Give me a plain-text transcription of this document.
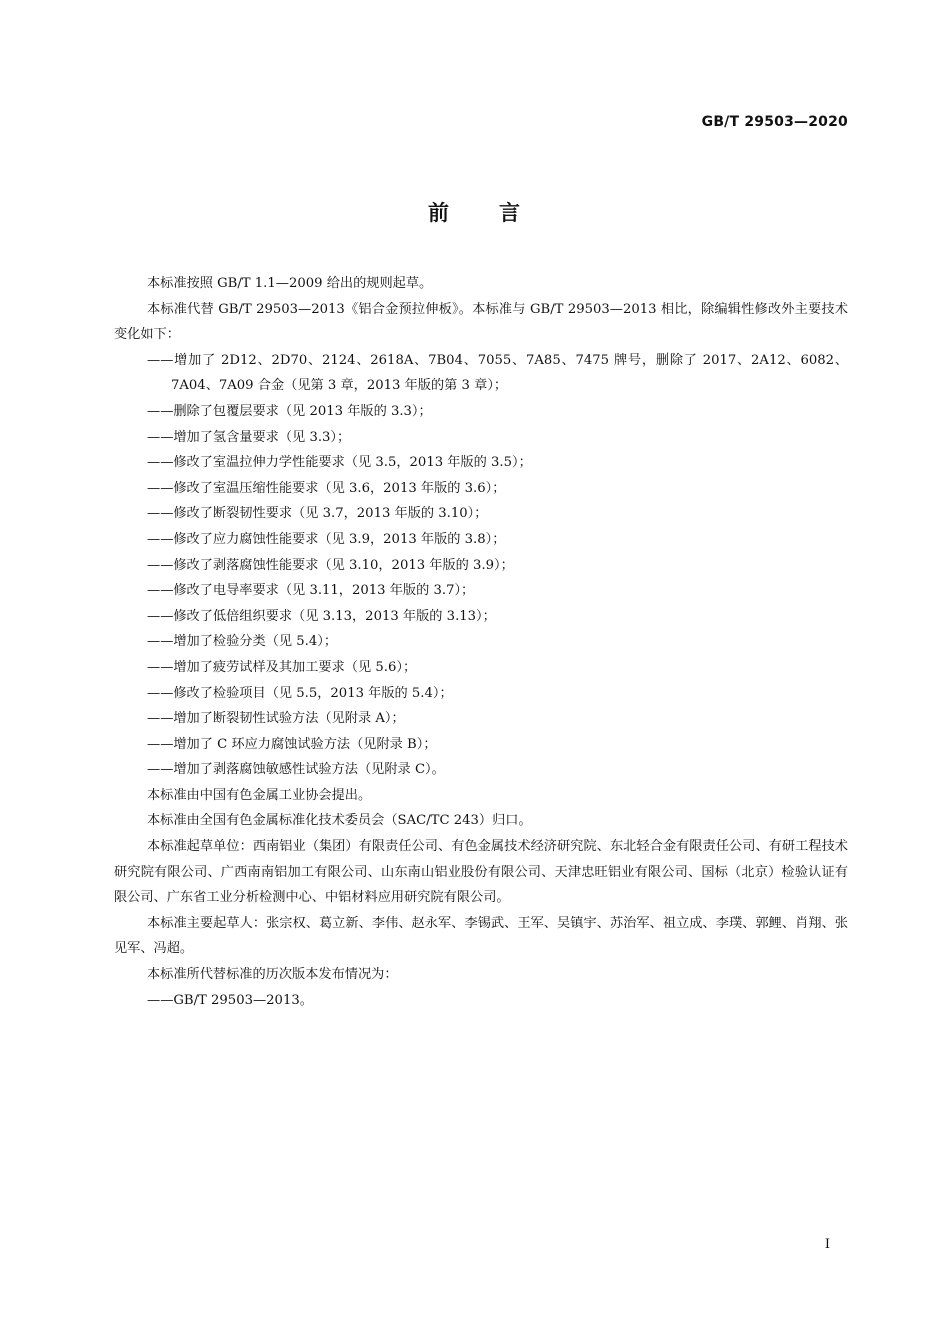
GB/T 29503—2020
前 言

本标准按照 GB/T 1.1—2009 给出的规则起草。

本标准代替 GB/T 29503—2013《铝合金预拉伸板》。本标准与 GB/T 29503—2013 相比，除编辑性修改外主要技术变化如下：

——增加了 2D12、2D70、2124、2618A、7B04、7055、7A85、7475 牌号，删除了 2017、2A12、6082、7A04、7A09 合金（见第 3 章，2013 年版的第 3 章）；

——删除了包覆层要求（见 2013 年版的 3.3）；

——增加了氢含量要求（见 3.3）；

——修改了室温拉伸力学性能要求（见 3.5，2013 年版的 3.5）；

——修改了室温压缩性能要求（见 3.6，2013 年版的 3.6）；

——修改了断裂韧性要求（见 3.7，2013 年版的 3.10）；

——修改了应力腐蚀性能要求（见 3.9，2013 年版的 3.8）；

——修改了剥落腐蚀性能要求（见 3.10，2013 年版的 3.9）；

——修改了电导率要求（见 3.11，2013 年版的 3.7）；

——修改了低倍组织要求（见 3.13，2013 年版的 3.13）；

——增加了检验分类（见 5.4）；

——增加了疲劳试样及其加工要求（见 5.6）；

——修改了检验项目（见 5.5，2013 年版的 5.4）；

——增加了断裂韧性试验方法（见附录 A）；

——增加了 C 环应力腐蚀试验方法（见附录 B）；

——增加了剥落腐蚀敏感性试验方法（见附录 C）。

本标准由中国有色金属工业协会提出。

本标准由全国有色金属标准化技术委员会（SAC/TC 243）归口。

本标准起草单位：西南铝业（集团）有限责任公司、有色金属技术经济研究院、东北轻合金有限责任公司、有研工程技术研究院有限公司、广西南南铝加工有限公司、山东南山铝业股份有限公司、天津忠旺铝业有限公司、国标（北京）检验认证有限公司、广东省工业分析检测中心、中铝材料应用研究院有限公司。

本标准主要起草人：张宗权、葛立新、李伟、赵永军、李锡武、王军、吴镇宇、苏治军、祖立成、李璞、郭鲤、肖翔、张见军、冯超。

本标准所代替标准的历次版本发布情况为：

——GB/T 29503—2013。

I
